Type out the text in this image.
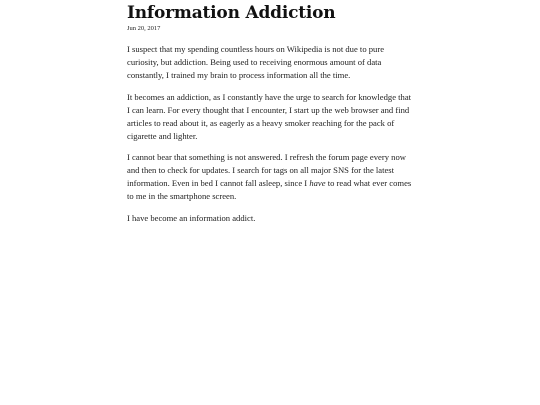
Information Addiction

Jun 20, 2017

I suspect that my spending countless hours on Wikipedia is not due to pure curiosity, but addiction. Being used to receiving enormous amount of data constantly, I trained my brain to process information all the time.

It becomes an addiction, as I constantly have the urge to search for knowledge that I can learn. For every thought that I encounter, I start up the web browser and find articles to read about it, as eagerly as a heavy smoker reaching for the pack of cigarette and lighter.

I cannot bear that something is not answered. I refresh the forum page every now and then to check for updates. I search for tags on all major SNS for the latest information. Even in bed I cannot fall asleep, since I have to read what ever comes to me in the smartphone screen.

I have become an information addict.
